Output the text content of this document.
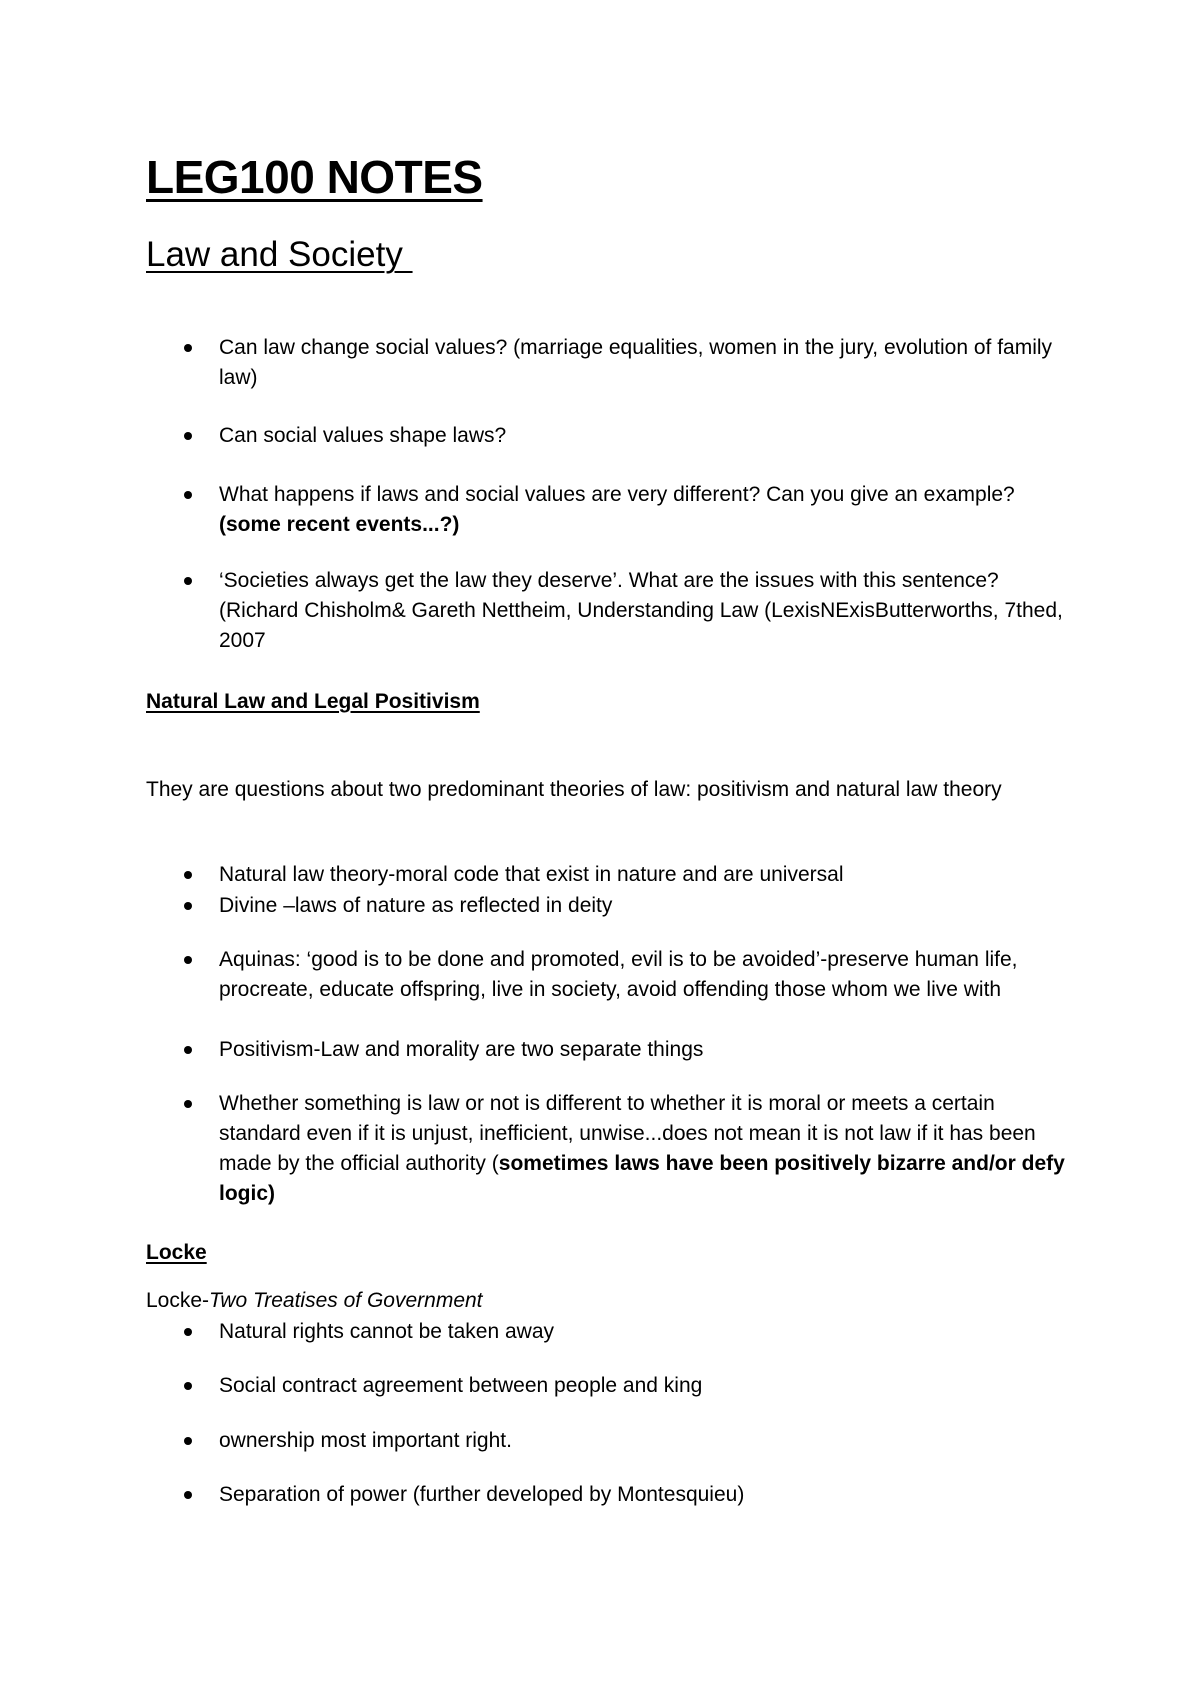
LEG100 NOTES
Law and Society

Can law change social values? (marriage equalities, women in the jury, evolution of family law)

Can social values shape laws?

What happens if laws and social values are very different? Can you give an example? (some recent events...?)

‘Societies always get the law they deserve’. What are the issues with this sentence? (Richard Chisholm& Gareth Nettheim, Understanding Law (LexisNExisButterworths, 7thed, 2007

Natural Law and Legal Positivism

They are questions about two predominant theories of law: positivism and natural law theory

Natural law theory-moral code that exist in nature and are universal

Divine –laws of nature as reflected in deity

Aquinas: ‘good is to be done and promoted, evil is to be avoided’-preserve human life, procreate, educate offspring, live in society, avoid offending those whom we live with

Positivism-Law and morality are two separate things

Whether something is law or not is different to whether it is moral or meets a certain standard even if it is unjust, inefficient, unwise...does not mean it is not law if it has been made by the official authority (sometimes laws have been positively bizarre and/or defy logic)

Locke

Locke-Two Treatises of Government

Natural rights cannot be taken away

Social contract agreement between people and king

ownership most important right.

Separation of power (further developed by Montesquieu)
